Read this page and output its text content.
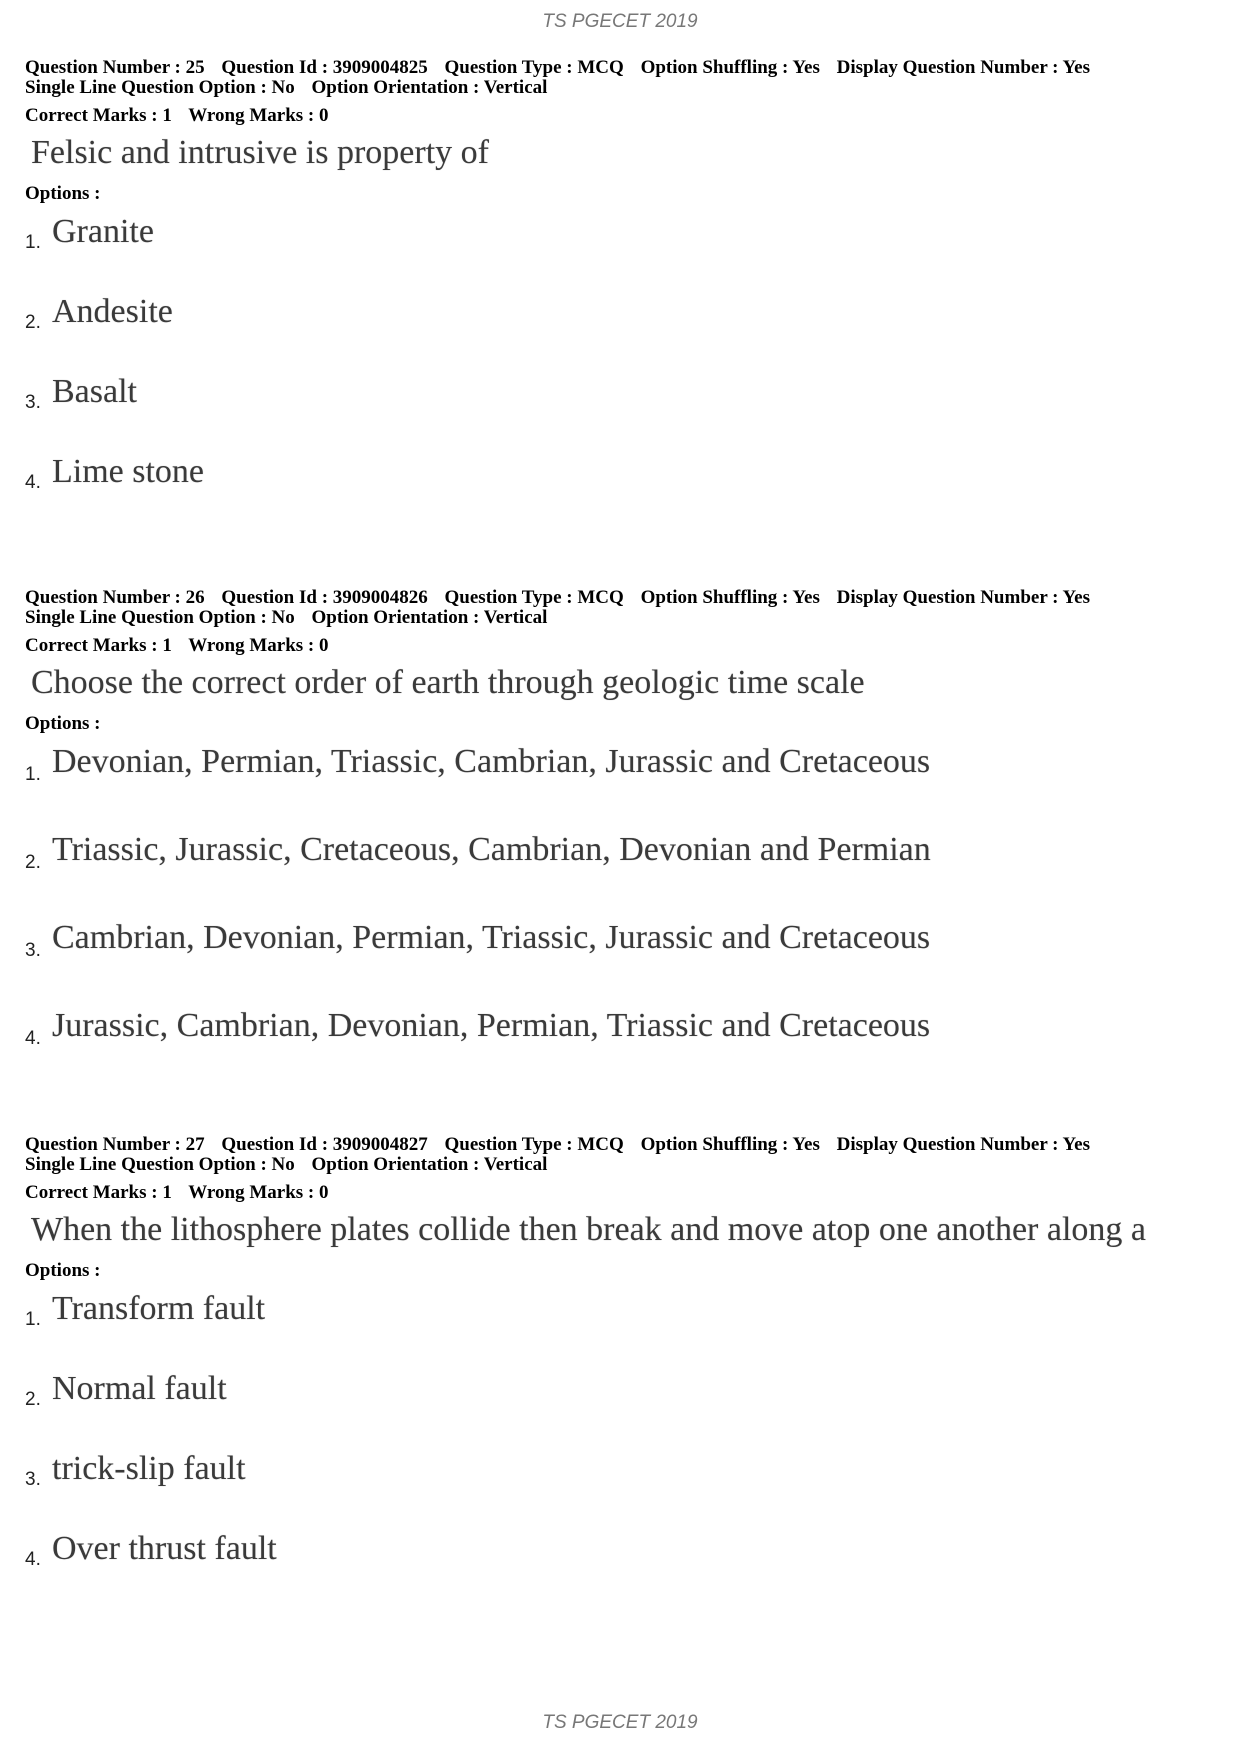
TS PGECET 2019
Question Number : 25 Question Id : 3909004825 Question Type : MCQ Option Shuffling : Yes Display Question Number : Yes
Single Line Question Option : No Option Orientation : Vertical
Correct Marks : 1 Wrong Marks : 0
Felsic and intrusive is property of
Options :
1. Granite
2. Andesite
3. Basalt
4. Lime stone
Question Number : 26 Question Id : 3909004826 Question Type : MCQ Option Shuffling : Yes Display Question Number : Yes
Single Line Question Option : No Option Orientation : Vertical
Correct Marks : 1 Wrong Marks : 0
Choose the correct order of earth through geologic time scale
Options :
1. Devonian, Permian, Triassic, Cambrian, Jurassic and Cretaceous
2. Triassic, Jurassic, Cretaceous, Cambrian, Devonian and Permian
3. Cambrian, Devonian, Permian, Triassic, Jurassic and Cretaceous
4. Jurassic, Cambrian, Devonian, Permian, Triassic and Cretaceous
Question Number : 27 Question Id : 3909004827 Question Type : MCQ Option Shuffling : Yes Display Question Number : Yes
Single Line Question Option : No Option Orientation : Vertical
Correct Marks : 1 Wrong Marks : 0
When the lithosphere plates collide then break and move atop one another along a
Options :
1. Transform fault
2. Normal fault
3. trick-slip fault
4. Over thrust fault
TS PGECET 2019
